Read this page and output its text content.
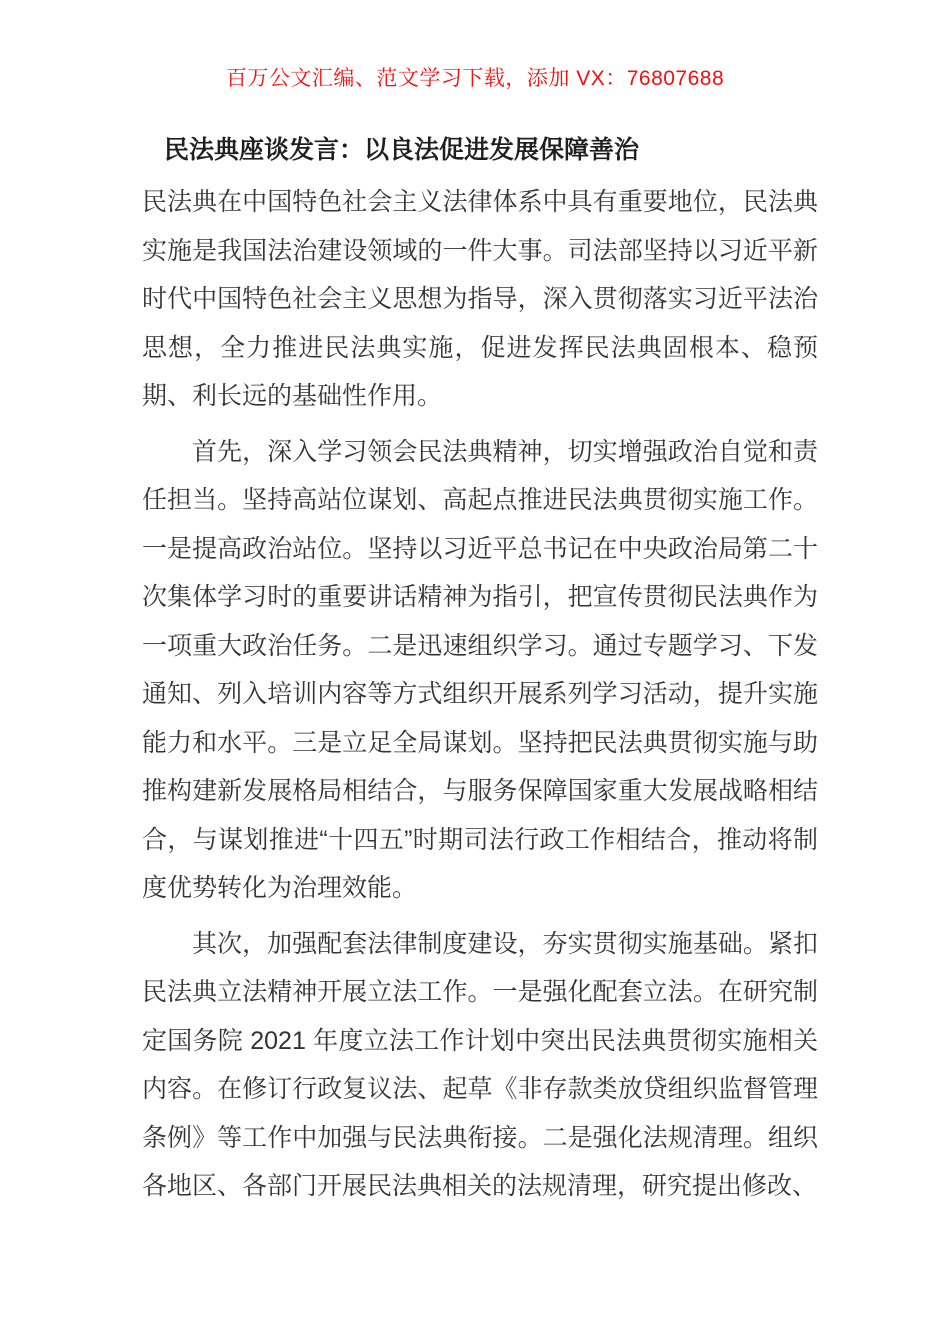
百万公文汇编、范文学习下载，添加 VX：76807688
民法典座谈发言：以良法促进发展保障善治

民法典在中国特色社会主义法律体系中具有重要地位，民法典实施是我国法治建设领域的一件大事。司法部坚持以习近平新时代中国特色社会主义思想为指导，深入贯彻落实习近平法治思想，全力推进民法典实施，促进发挥民法典固根本、稳预期、利长远的基础性作用。

首先，深入学习领会民法典精神，切实增强政治自觉和责任担当。坚持高站位谋划、高起点推进民法典贯彻实施工作。一是提高政治站位。坚持以习近平总书记在中央政治局第二十次集体学习时的重要讲话精神为指引，把宣传贯彻民法典作为一项重大政治任务。二是迅速组织学习。通过专题学习、下发通知、列入培训内容等方式组织开展系列学习活动，提升实施能力和水平。三是立足全局谋划。坚持把民法典贯彻实施与助推构建新发展格局相结合，与服务保障国家重大发展战略相结合，与谋划推进“十四五”时期司法行政工作相结合，推动将制度优势转化为治理效能。

其次，加强配套法律制度建设，夯实贯彻实施基础。紧扣民法典立法精神开展立法工作。一是强化配套立法。在研究制定国务院 2021 年度立法工作计划中突出民法典贯彻实施相关内容。在修订行政复议法、起草《非存款类放贷组织监督管理条例》等工作中加强与民法典衔接。二是强化法规清理。组织各地区、各部门开展民法典相关的法规清理，研究提出修改、
